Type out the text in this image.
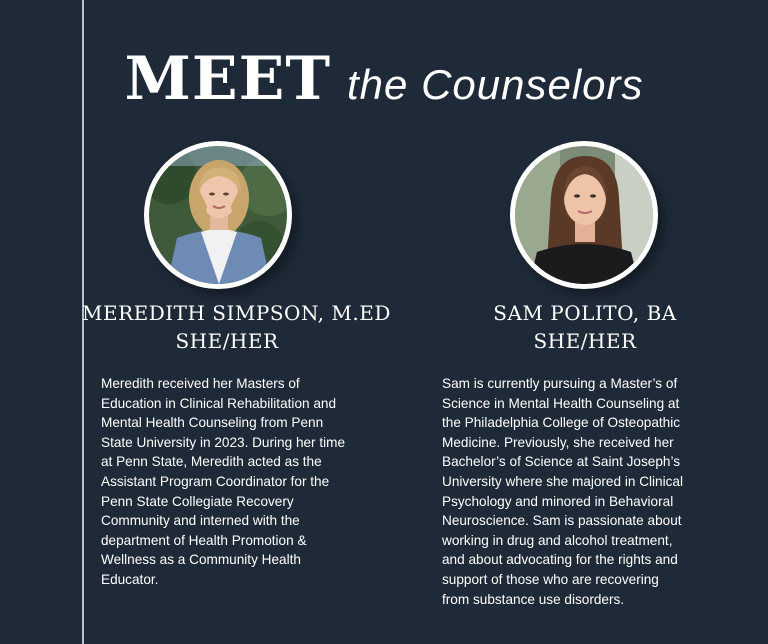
MEET the Counselors
MEREDITH SIMPSON, M.ED
SHE/HER
SAM POLITO, BA
SHE/HER
Meredith received her Masters of
Education in Clinical Rehabilitation and
Mental Health Counseling from Penn
State University in 2023. During her time
at Penn State, Meredith acted as the
Assistant Program Coordinator for the
Penn State Collegiate Recovery
Community and interned with the
department of Health Promotion &
Wellness as a Community Health
Educator.
Sam is currently pursuing a Master’s of
Science in Mental Health Counseling at
the Philadelphia College of Osteopathic
Medicine. Previously, she received her
Bachelor’s of Science at Saint Joseph’s
University where she majored in Clinical
Psychology and minored in Behavioral
Neuroscience. Sam is passionate about
working in drug and alcohol treatment,
and about advocating for the rights and
support of those who are recovering
from substance use disorders.
